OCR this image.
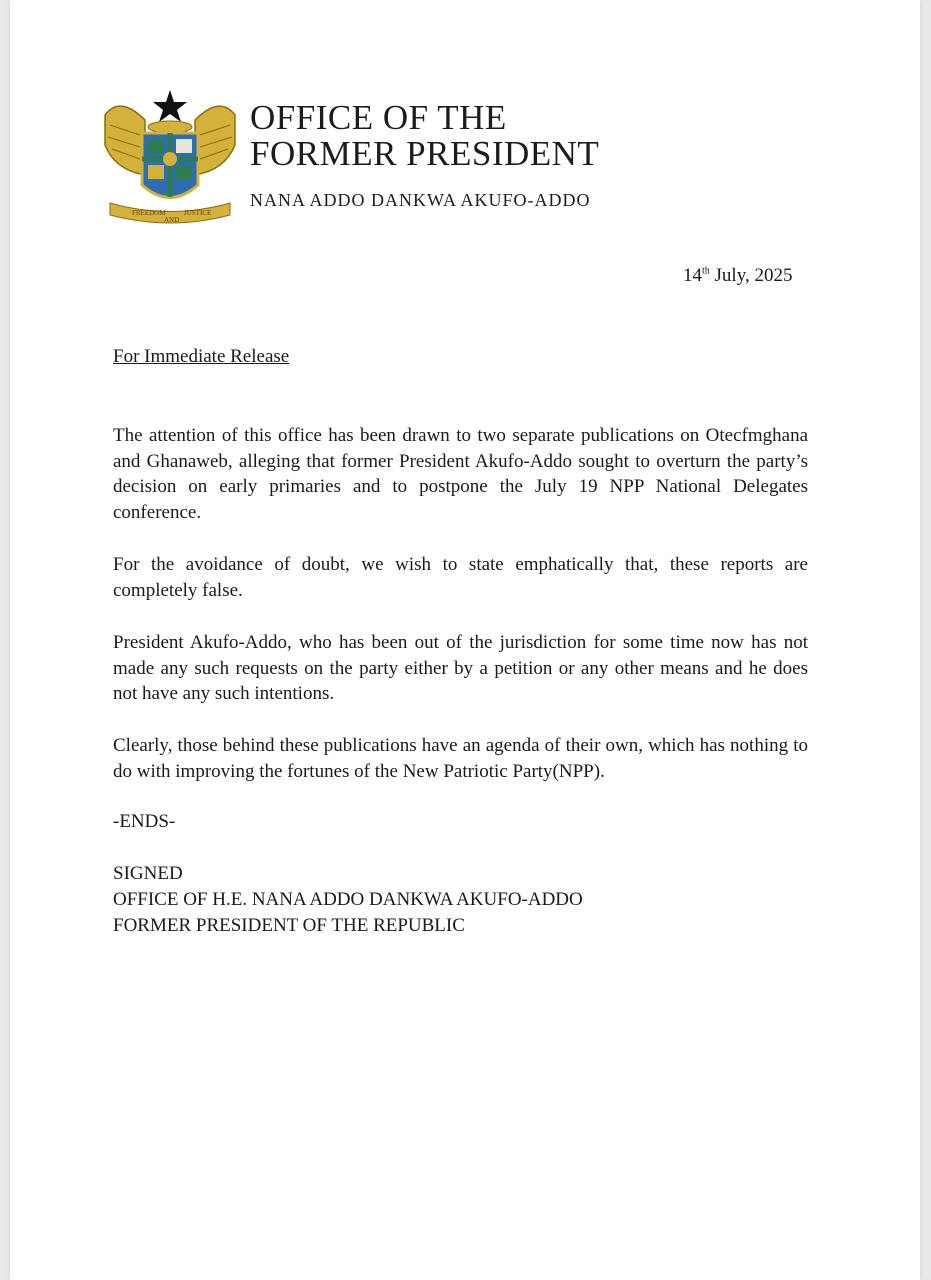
FREEDOM
AND
JUSTICE
OFFICE OF THE
FORMER PRESIDENT
NANA ADDO DANKWA AKUFO-ADDO
14th July, 2025
For Immediate Release
The attention of this office has been drawn to two separate publications on Otecfmghana and Ghanaweb, alleging that former President Akufo-Addo sought to overturn the party’s decision on early primaries and to postpone the July 19 NPP National Delegates conference.
For the avoidance of doubt, we wish to state emphatically that, these reports are completely false.
President Akufo-Addo, who has been out of the jurisdiction for some time now has not made any such requests on the party either by a petition or any other means and he does not have any such intentions.
Clearly, those behind these publications have an agenda of their own, which has nothing to do with improving the fortunes of the New Patriotic Party(NPP).
-ENDS-
SIGNED
OFFICE OF H.E. NANA ADDO DANKWA AKUFO-ADDO
FORMER PRESIDENT OF THE REPUBLIC
